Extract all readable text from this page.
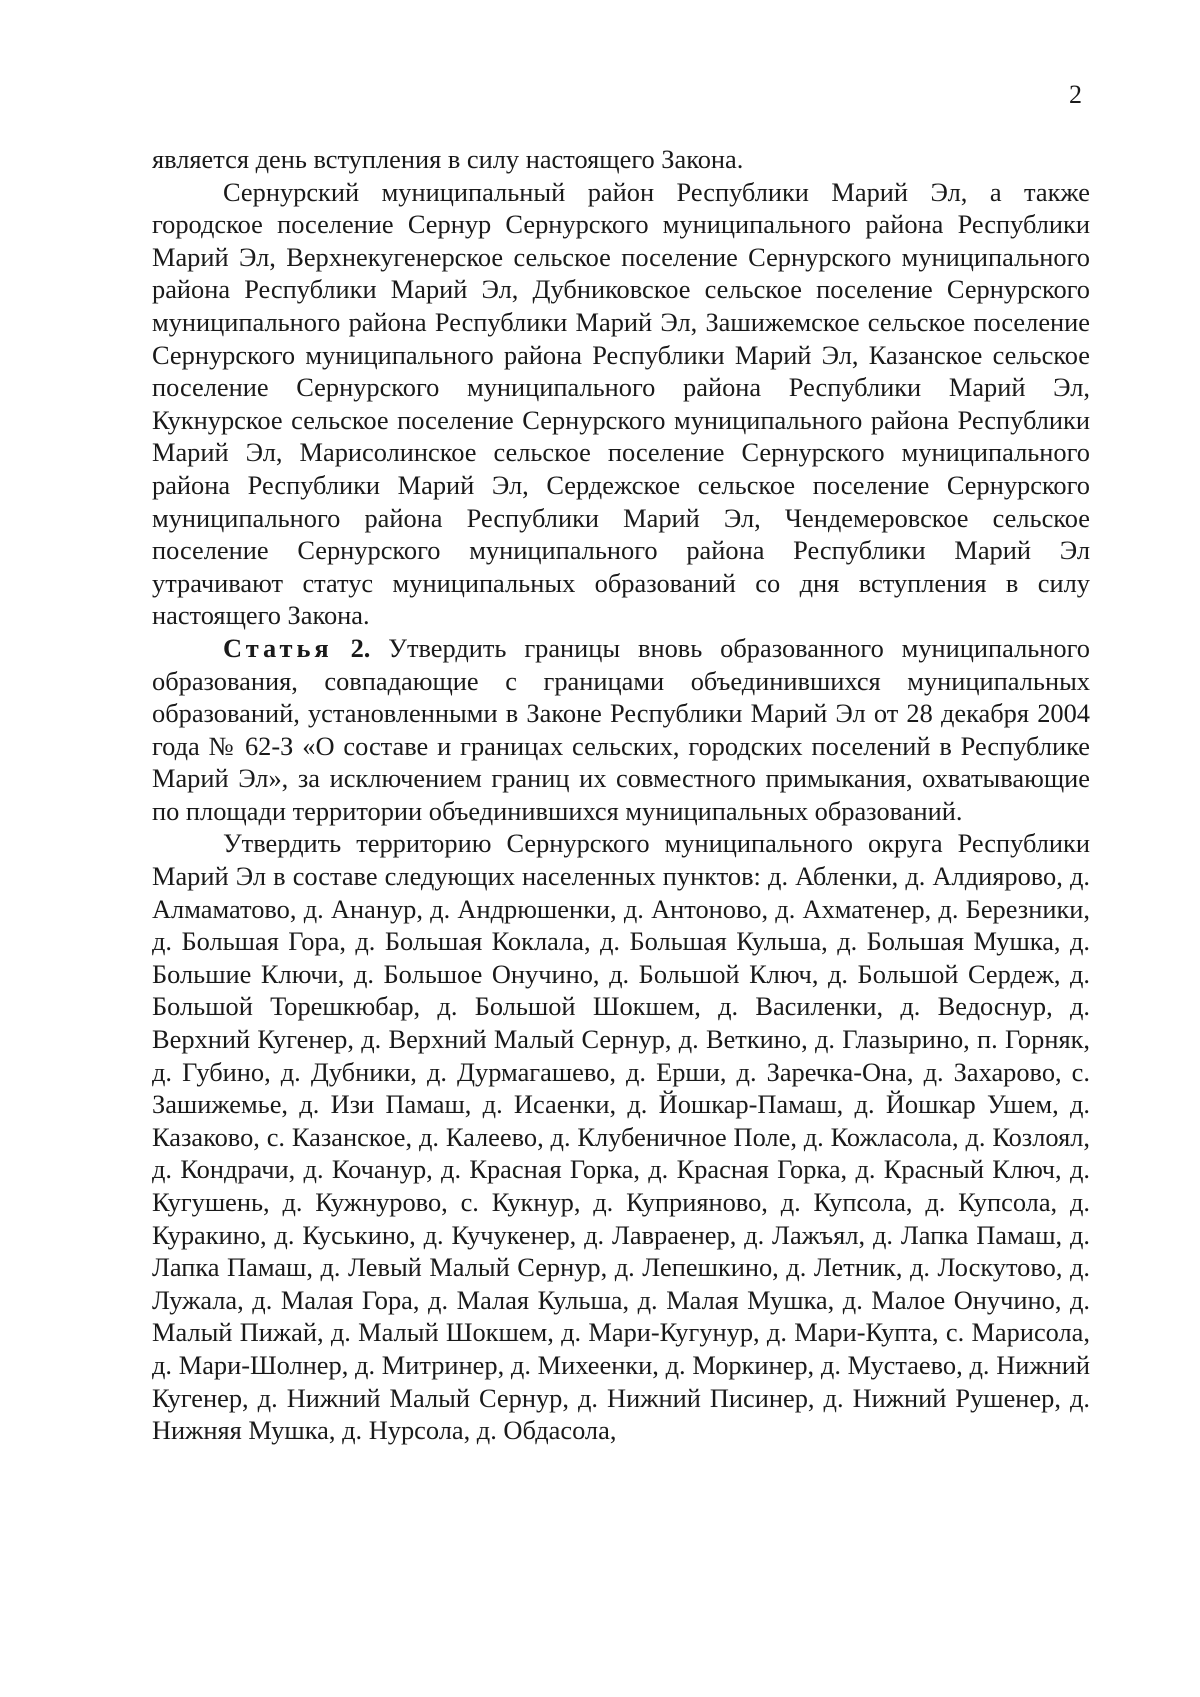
2

является день вступления в силу настоящего Закона.

Сернурский муниципальный район Республики Марий Эл, а также городское поселение Сернур Сернурского муниципального района Республики Марий Эл, Верхнекугенерское сельское поселение Сернурского муниципального района Республики Марий Эл, Дубниковское сельское поселение Сернурского муниципального района Республики Марий Эл, Зашижемское сельское поселение Сернурского муниципального района Республики Марий Эл, Казанское сельское поселение Сернурского муниципального района Республики Марий Эл, Кукнурское сельское поселение Сернурского муниципального района Республики Марий Эл, Марисолинское сельское поселение Сернурского муниципального района Республики Марий Эл, Сердежское сельское поселение Сернурского муниципального района Республики Марий Эл, Чендемеровское сельское поселение Сернурского муниципального района Республики Марий Эл утрачивают статус муниципальных образований со дня вступления в силу настоящего Закона.

Статья 2. Утвердить границы вновь образованного муниципального образования, совпадающие с границами объединившихся муниципальных образований, установленными в Законе Республики Марий Эл от 28 декабря 2004 года № 62-З «О составе и границах сельских, городских поселений в Республике Марий Эл», за исключением границ их совместного примыкания, охватывающие по площади территории объединившихся муниципальных образований.

Утвердить территорию Сернурского муниципального округа Республики Марий Эл в составе следующих населенных пунктов: д. Абленки, д. Алдиярово, д. Алмаматово, д. Ананур, д. Андрюшенки, д. Антоново, д. Ахматенер, д. Березники, д. Большая Гора, д. Большая Коклала, д. Большая Кульша, д. Большая Мушка, д. Большие Ключи, д. Большое Онучино, д. Большой Ключ, д. Большой Сердеж, д. Большой Торешкюбар, д. Большой Шокшем, д. Василенки, д. Ведоснур, д. Верхний Кугенер, д. Верхний Малый Сернур, д. Веткино, д. Глазырино, п. Горняк, д. Губино, д. Дубники, д. Дурмагашево, д. Ерши, д. Заречка-Она, д. Захарово, с. Зашижемье, д. Изи Памаш, д. Исаенки, д. Йошкар-Памаш, д. Йошкар Ушем, д. Казаково, с. Казанское, д. Калеево, д. Клубеничное Поле, д. Кожласола, д. Козлоял, д. Кондрачи, д. Кочанур, д. Красная Горка, д. Красная Горка, д. Красный Ключ, д. Кугушень, д. Кужнурово, с. Кукнур, д. Куприяново, д. Купсола, д. Купсола, д. Куракино, д. Куськино, д. Кучукенер, д. Лавраенер, д. Лажъял, д. Лапка Памаш, д. Лапка Памаш, д. Левый Малый Сернур, д. Лепешкино, д. Летник, д. Лоскутово, д. Лужала, д. Малая Гора, д. Малая Кульша, д. Малая Мушка, д. Малое Онучино, д. Малый Пижай, д. Малый Шокшем, д. Мари-Кугунур, д. Мари-Купта, с. Марисола, д. Мари-Шолнер, д. Митринер, д. Михеенки, д. Моркинер, д. Мустаево, д. Нижний Кугенер, д. Нижний Малый Сернур, д. Нижний Писинер, д. Нижний Рушенер, д. Нижняя Мушка, д. Нурсола, д. Обдасола,
